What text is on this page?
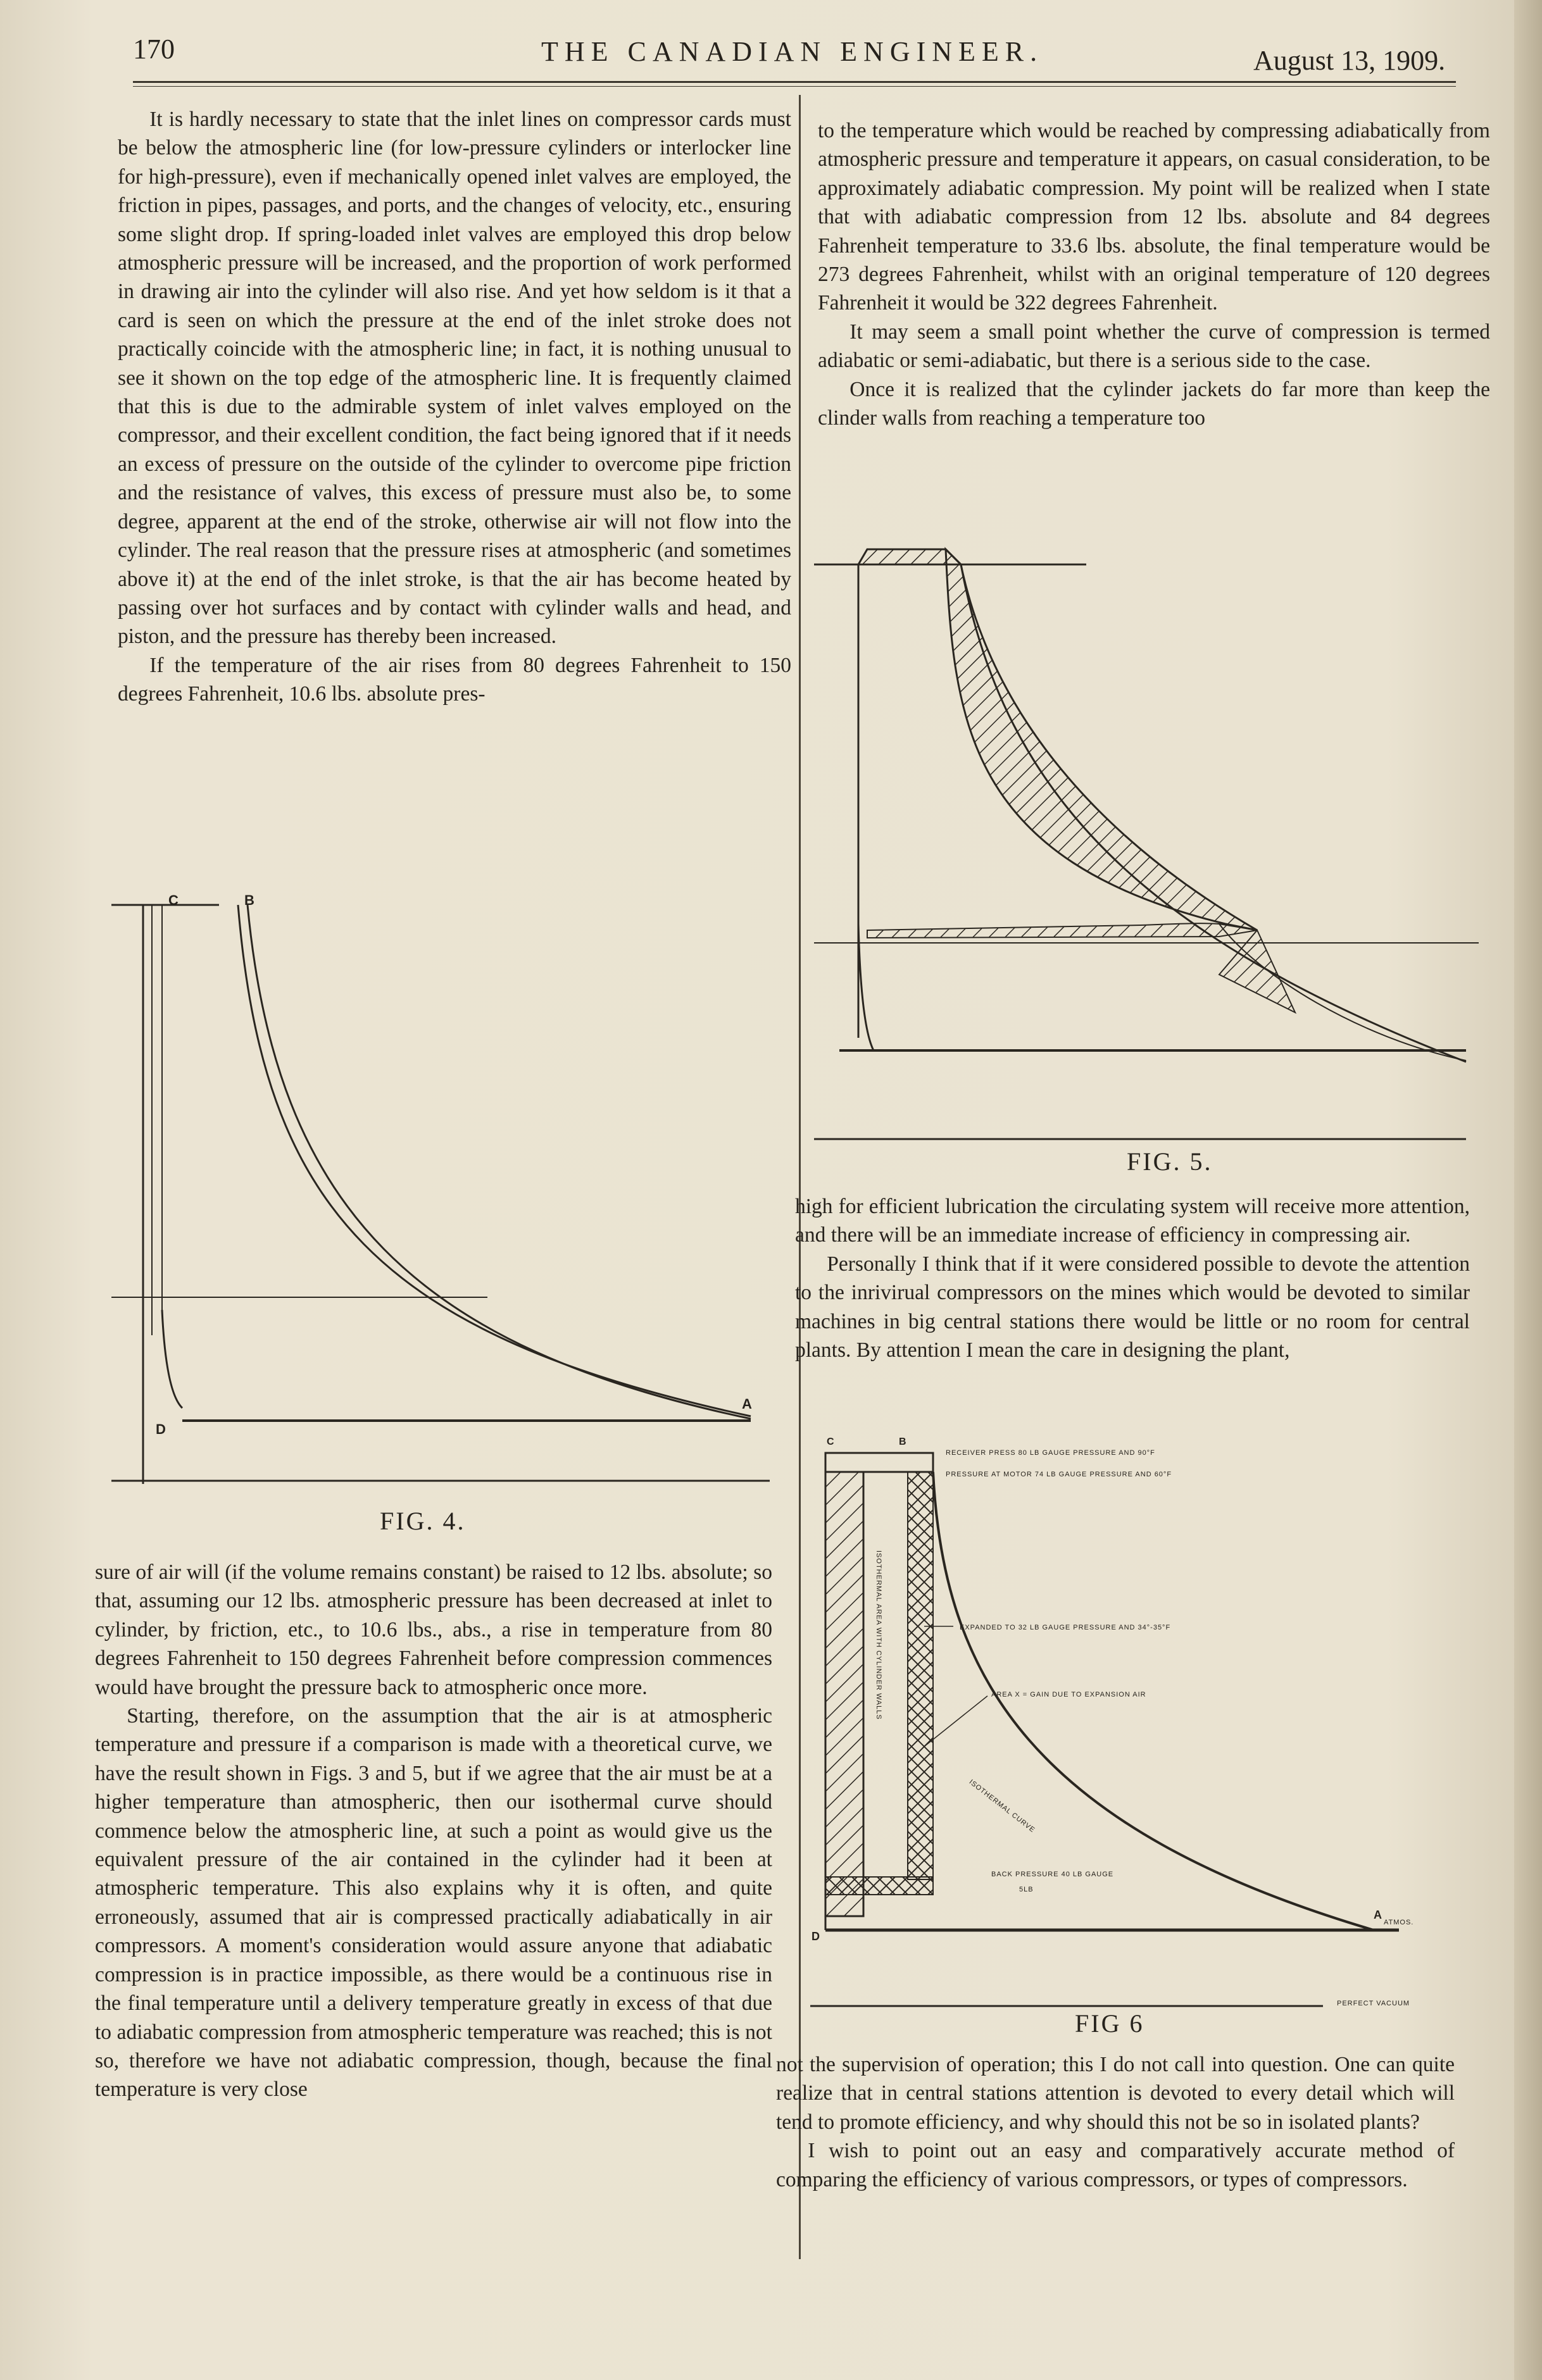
170	THE CANADIAN ENGINEER.	August 13, 1909.

It is hardly necessary to state that the inlet lines on compressor cards must be below the atmospheric line (for low-pressure cylinders or interlocker line for high-pressure), even if mechanically opened inlet valves are employed, the friction in pipes, passages, and ports, and the changes of velocity, etc., ensuring some slight drop. If spring-loaded inlet valves are employed this drop below atmospheric pressure will be increased, and the proportion of work performed in drawing air into the cylinder will also rise. And yet how seldom is it that a card is seen on which the pressure at the end of the inlet stroke does not practically coincide with the atmospheric line; in fact, it is nothing unusual to see it shown on the top edge of the atmospheric line. It is frequently claimed that this is due to the admirable system of inlet valves employed on the compressor, and their excellent condition, the fact being ignored that if it needs an excess of pressure on the outside of the cylinder to overcome pipe friction and the resistance of valves, this excess of pressure must also be, to some degree, apparent at the end of the stroke, otherwise air will not flow into the cylinder. The real reason that the pressure rises at atmospheric (and sometimes above it) at the end of the inlet stroke, is that the air has become heated by passing over hot surfaces and by contact with cylinder walls and head, and piston, and the pressure has thereby been increased.

If the temperature of the air rises from 80 degrees Fahrenheit to 150 degrees Fahrenheit, 10.6 lbs. absolute pres-

C	B
A
D
FIG. 4.

sure of air will (if the volume remains constant) be raised to 12 lbs. absolute; so that, assuming our 12 lbs. atmospheric pressure has been decreased at inlet to cylinder, by friction, etc., to 10.6 lbs., abs., a rise in temperature from 80 degrees Fahrenheit to 150 degrees Fahrenheit before compression commences would have brought the pressure back to atmospheric once more.

Starting, therefore, on the assumption that the air is at atmospheric temperature and pressure if a comparison is made with a theoretical curve, we have the result shown in Figs. 3 and 5, but if we agree that the air must be at a higher temperature than atmospheric, then our isothermal curve should commence below the atmospheric line, at such a point as would give us the equivalent pressure of the air contained in the cylinder had it been at atmospheric temperature. This also explains why it is often, and quite erroneously, assumed that air is compressed practically adiabatically in air compressors. A moment's consideration would assure anyone that adiabatic compression is in practice impossible, as there would be a continuous rise in the final temperature until a delivery temperature greatly in excess of that due to adiabatic compression from atmospheric temperature was reached; this is not so, therefore we have not adiabatic compression, though, because the final temperature is very close

to the temperature which would be reached by compressing adiabatically from atmospheric pressure and temperature it appears, on casual consideration, to be approximately adiabatic compression. My point will be realized when I state that with adiabatic compression from 12 lbs. absolute and 84 degrees Fahrenheit temperature to 33.6 lbs. absolute, the final temperature would be 273 degrees Fahrenheit, whilst with an original temperature of 120 degrees Fahrenheit it would be 322 degrees Fahrenheit.

It may seem a small point whether the curve of compression is termed adiabatic or semi-adiabatic, but there is a serious side to the case.

Once it is realized that the cylinder jackets do far more than keep the clinder walls from reaching a temperature too

FIG. 5.

high for efficient lubrication the circulating system will receive more attention, and there will be an immediate increase of efficiency in compressing air.

Personally I think that if it were considered possible to devote the attention to the inrivirual compressors on the mines which would be devoted to similar machines in big central stations there would be little or no room for central plants. By attention I mean the care in designing the plant,

C	B
A
D
RECEIVER PRESS 80 LB GAUGE PRESSURE AND 90°F
PRESSURE AT MOTOR 74 LB GAUGE PRESSURE AND 60°F
EXPANDED TO 32 LB GAUGE PRESSURE AND 34°-35°F
AREA X = GAIN DUE TO EXPANSION AIR
ISOTHERMAL CURVE
BACK PRESSURE 40 LB GAUGE
5LB
ISOTHERMAL AREA WITH CYLINDER WALLS
PERFECT VACUUM
ATMOS.
FIG 6

not the supervision of operation; this I do not call into question. One can quite realize that in central stations attention is devoted to every detail which will tend to promote efficiency, and why should this not be so in isolated plants?

I wish to point out an easy and comparatively accurate method of comparing the efficiency of various compressors, or types of compressors.
